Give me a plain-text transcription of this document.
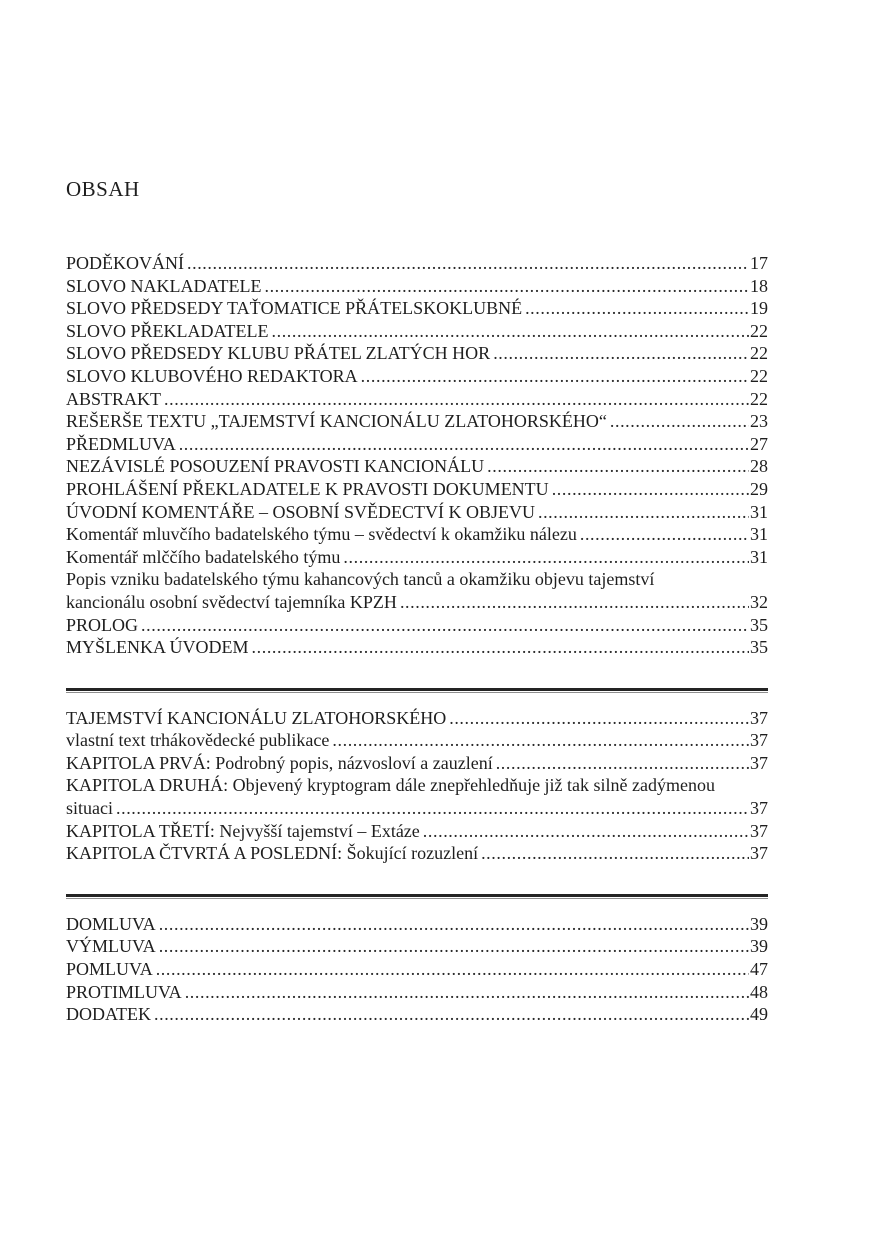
OBSAH
PODĚKOVÁNÍ .....	17
SLOVO NAKLADATELE .....	18
SLOVO PŘEDSEDY TAŤOMATICE PŘÁTELSKOKLUBNÉ .....	19
SLOVO PŘEKLADATELE .....	22
SLOVO PŘEDSEDY KLUBU PŘÁTEL ZLATÝCH HOR .....	22
SLOVO KLUBOVÉHO REDAKTORA .....	22
ABSTRAKT .....	22
REŠERŠE TEXTU „TAJEMSTVÍ KANCIONÁLU ZLATOHORSKÉHO“ .....	23
PŘEDMLUVA .....	27
NEZÁVISLÉ POSOUZENÍ PRAVOSTI KANCIONÁLU .....	28
PROHLÁŠENÍ PŘEKLADATELE K PRAVOSTI DOKUMENTU .....	29
ÚVODNÍ KOMENTÁŘE – OSOBNÍ SVĚDECTVÍ K OBJEVU .....	31
Komentář mluvčího badatelského týmu – svědectví k okamžiku nálezu .....	31
Komentář mlččího badatelského týmu .....	31
Popis vzniku badatelského týmu kahancových tanců a okamžiku objevu tajemství
kancionálu osobní svědectví tajemníka KPZH .....	32
PROLOG .....	35
MYŠLENKA ÚVODEM .....	35
TAJEMSTVÍ KANCIONÁLU ZLATOHORSKÉHO .....	37
vlastní text trhákovědecké publikace .....	37
KAPITOLA PRVÁ: Podrobný popis, názvosloví a zauzlení .....	37
KAPITOLA DRUHÁ: Objevený kryptogram dále znepřehledňuje již tak silně zadýmenou
situaci .....	37
KAPITOLA TŘETÍ: Nejvyšší tajemství – Extáze .....	37
KAPITOLA ČTVRTÁ A POSLEDNÍ: Šokující rozuzlení .....	37
DOMLUVA .....	39
VÝMLUVA .....	39
POMLUVA .....	47
PROTIMLUVA .....	48
DODATEK .....	49
